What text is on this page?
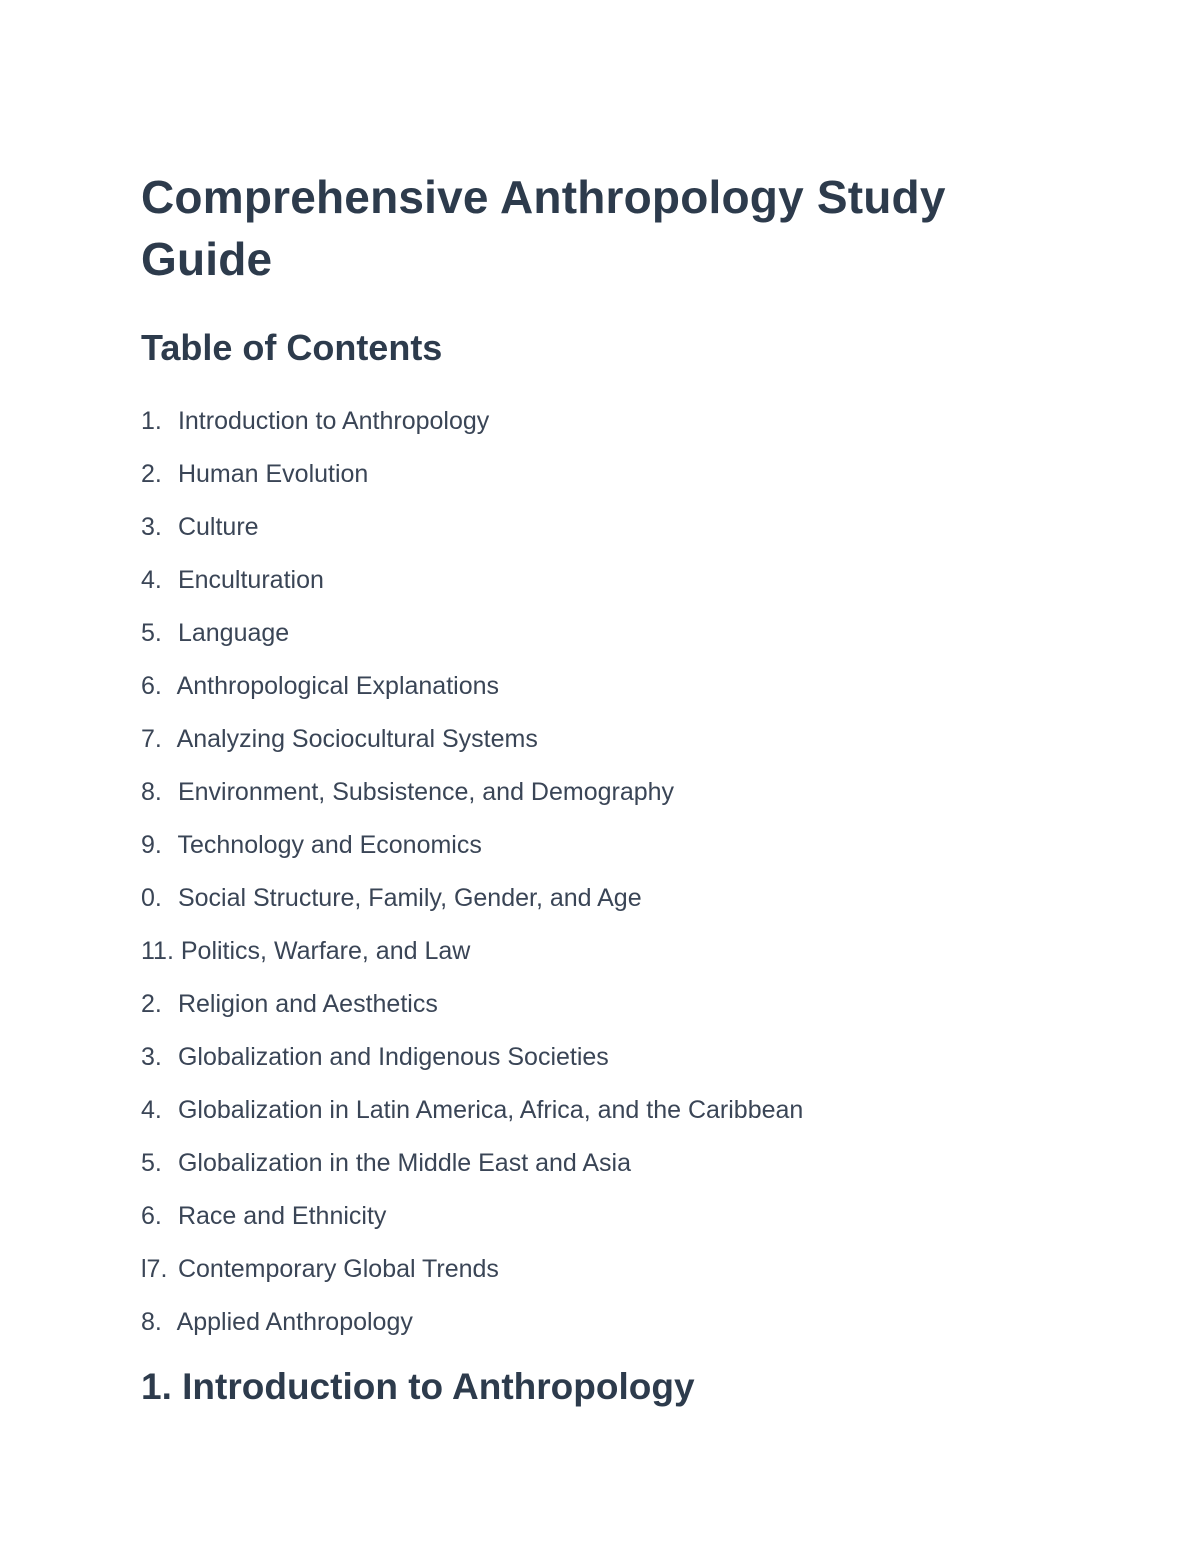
Comprehensive Anthropology Study Guide
Table of Contents
1. Introduction to Anthropology
2. Human Evolution
3. Culture
4. Enculturation
5. Language
6. Anthropological Explanations
7. Analyzing Sociocultural Systems
8. Environment, Subsistence, and Demography
9. Technology and Economics
0. Social Structure, Family, Gender, and Age
11. Politics, Warfare, and Law
2. Religion and Aesthetics
3. Globalization and Indigenous Societies
4. Globalization in Latin America, Africa, and the Caribbean
5. Globalization in the Middle East and Asia
6. Race and Ethnicity
l7. Contemporary Global Trends
8. Applied Anthropology
1. Introduction to Anthropology
